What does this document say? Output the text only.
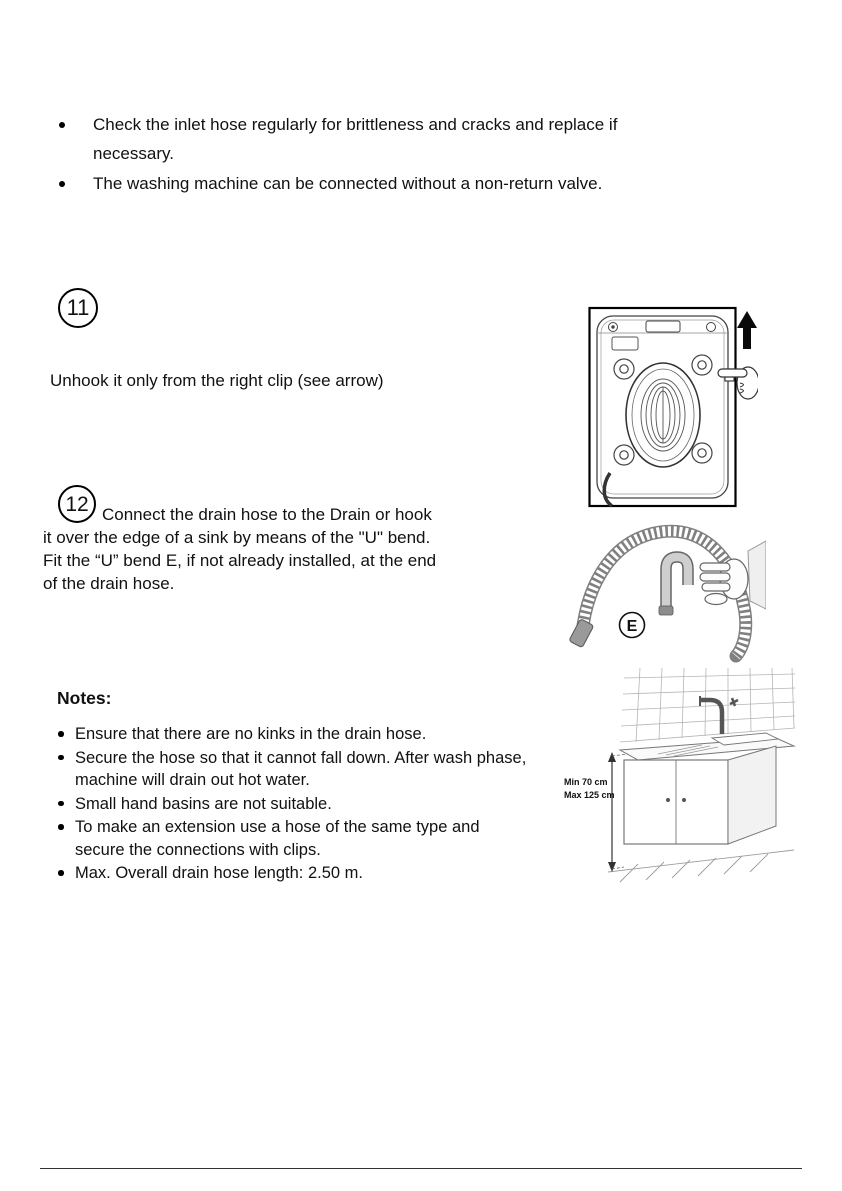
Check the inlet hose regularly for brittleness and cracks and replace if necessary.
The washing machine can be connected without a non-return valve.
11
Unhook it only from the right clip (see arrow)
12 Connect the drain hose to the Drain or hook it over the edge of a sink by means of the "U" bend.
Fit the “U” bend E, if not already installed, at the end of the drain hose.
E
Notes:
Ensure that there are no kinks in the drain hose.
Secure the hose so that it cannot fall down. After wash phase, machine will drain out hot water.
Small hand basins are not suitable.
To make an extension use a hose of the same type and secure the connections with clips.
Max. Overall drain hose length: 2.50 m.
Min 70 cm
Max 125 cm
